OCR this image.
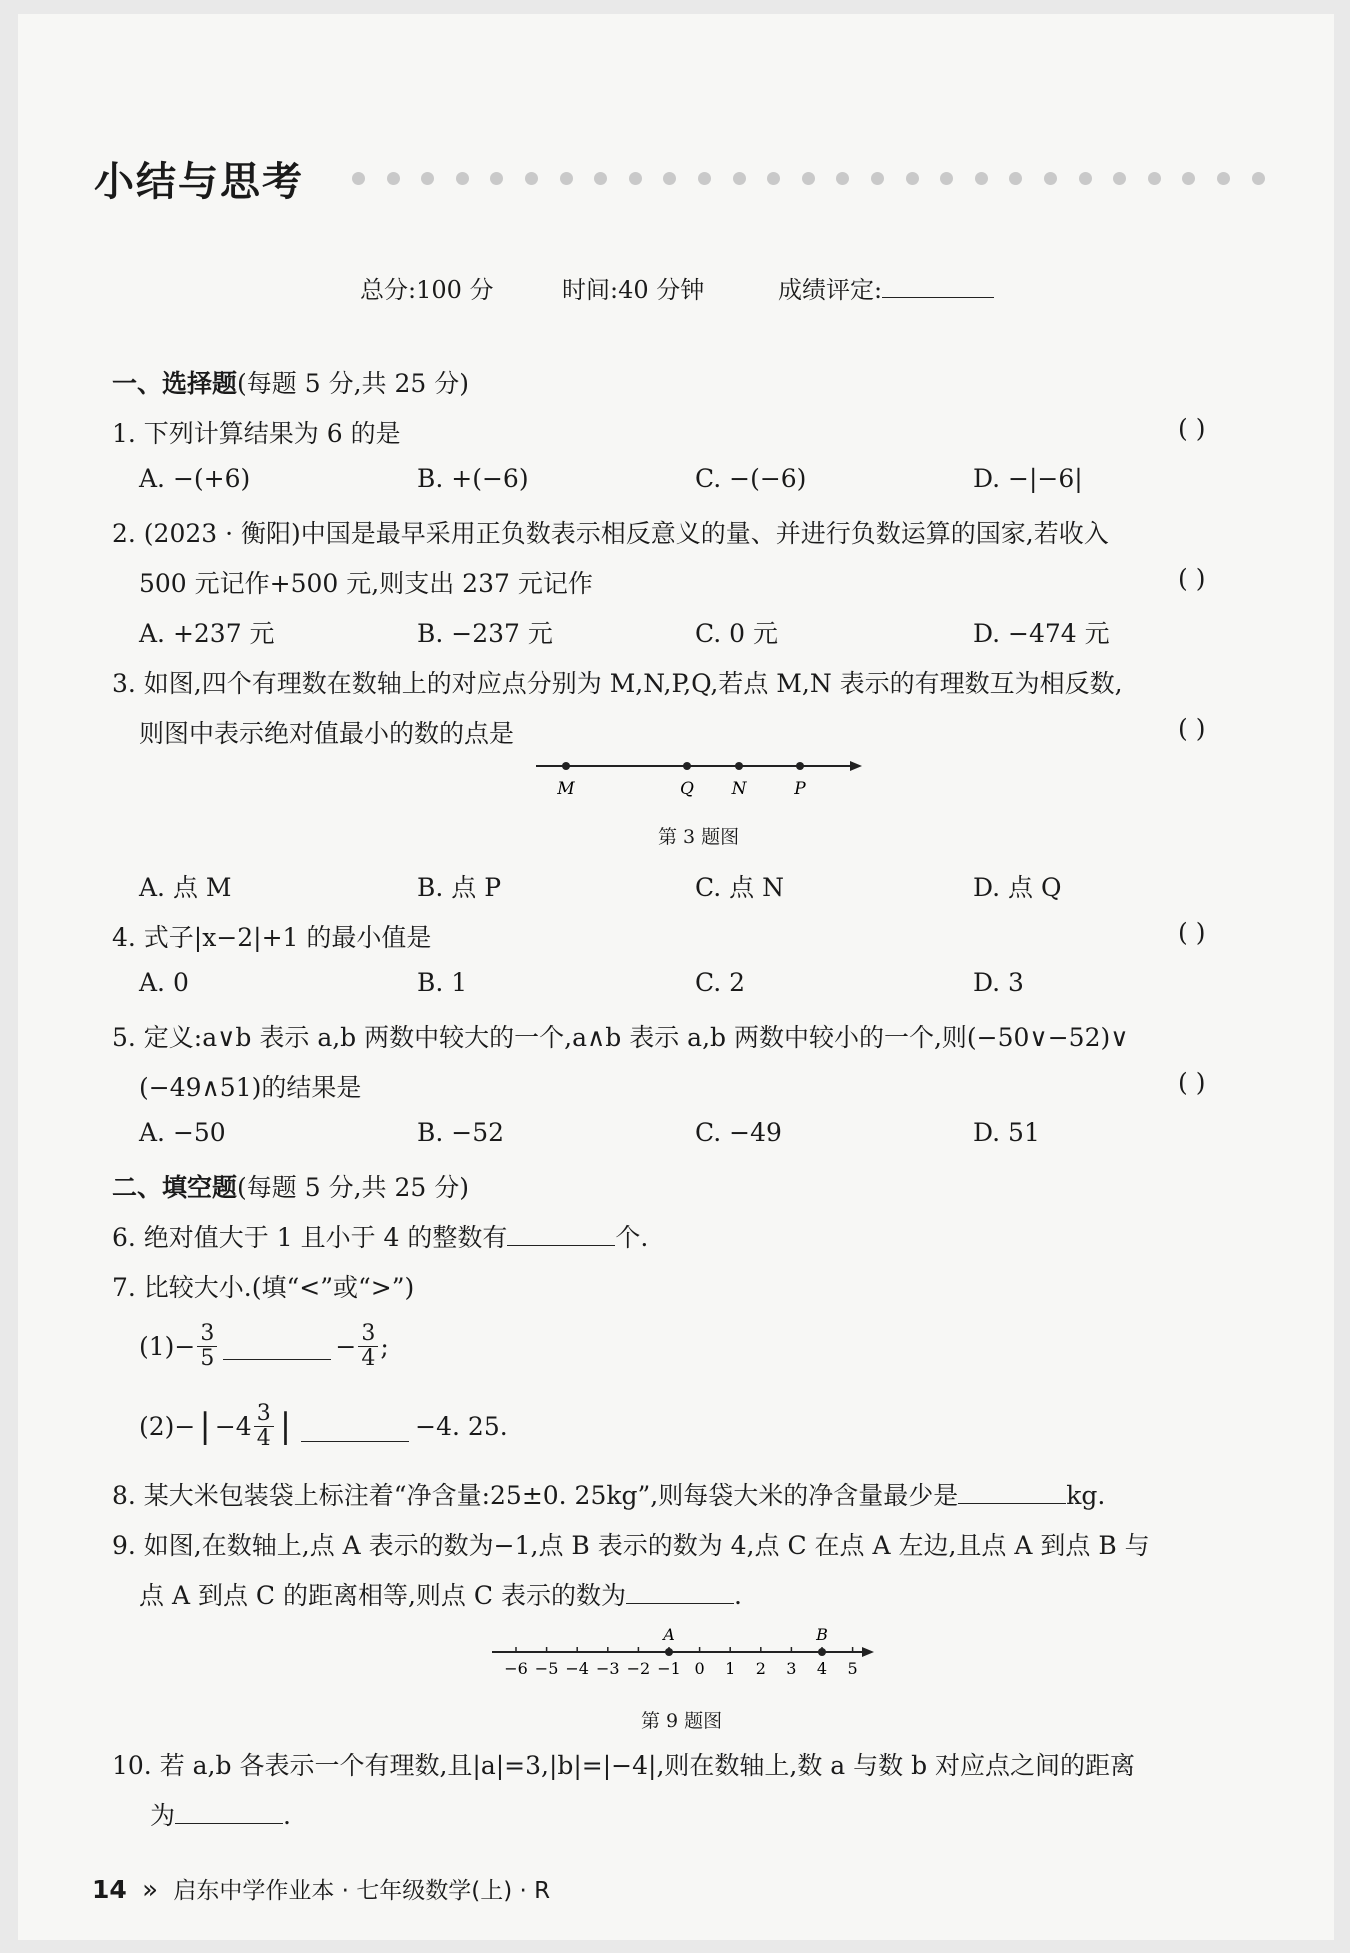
小结与思考
总分:100 分	时间:40 分钟	成绩评定:
一、选择题(每题 5 分,共 25 分)
1. 下列计算结果为 6 的是	( )
A. −(+6)	B. +(−6)	C. −(−6)	D. −|−6|
2. (2023 · 衡阳)中国是最早采用正负数表示相反意义的量、并进行负数运算的国家,若收入
500 元记作+500 元,则支出 237 元记作	( )
A. +237 元	B. −237 元	C. 0 元	D. −474 元
3. 如图,四个有理数在数轴上的对应点分别为 M,N,P,Q,若点 M,N 表示的有理数互为相反数,
则图中表示绝对值最小的数的点是	( )
M	Q N	P
第 3 题图
A. 点 M	B. 点 P	C. 点 N	D. 点 Q
4. 式子|x−2|+1 的最小值是	( )
A. 0	B. 1	C. 2	D. 3
5. 定义:a∨b 表示 a,b 两数中较大的一个,a∧b 表示 a,b 两数中较小的一个,则(−50∨−52)∨
(−49∧51)的结果是	( )
A. −50	B. −52	C. −49	D. 51
二、填空题(每题 5 分,共 25 分)
6. 绝对值大于 1 且小于 4 的整数有	个.
7. 比较大小.(填“<”或“>”)
$(1)- \frac{3}{5}$	− $\frac{3}{4}$ ;
(2)− | $-4 \frac{3}{4}$ |	−4. 25.
8. 某大米包装袋上标注着“净含量:25±0. 25kg”,则每袋大米的净含量最少是	kg.
9. 如图,在数轴上,点 A 表示的数为−1,点 B 表示的数为 4,点 C 在点 A 左边,且点 A 到点 B 与
点 A 到点 C 的距离相等,则点 C 表示的数为	.
−6 −5 −4 −3 −2 −1 0 1 2 3 4 5
A	B
第 9 题图
10. 若 a,b 各表示一个有理数,且|a|=3,|b|=|−4|,则在数轴上,数 a 与数 b 对应点之间的距离
为	.
14 » 启东中学作业本 · 七年级数学(上) · R
